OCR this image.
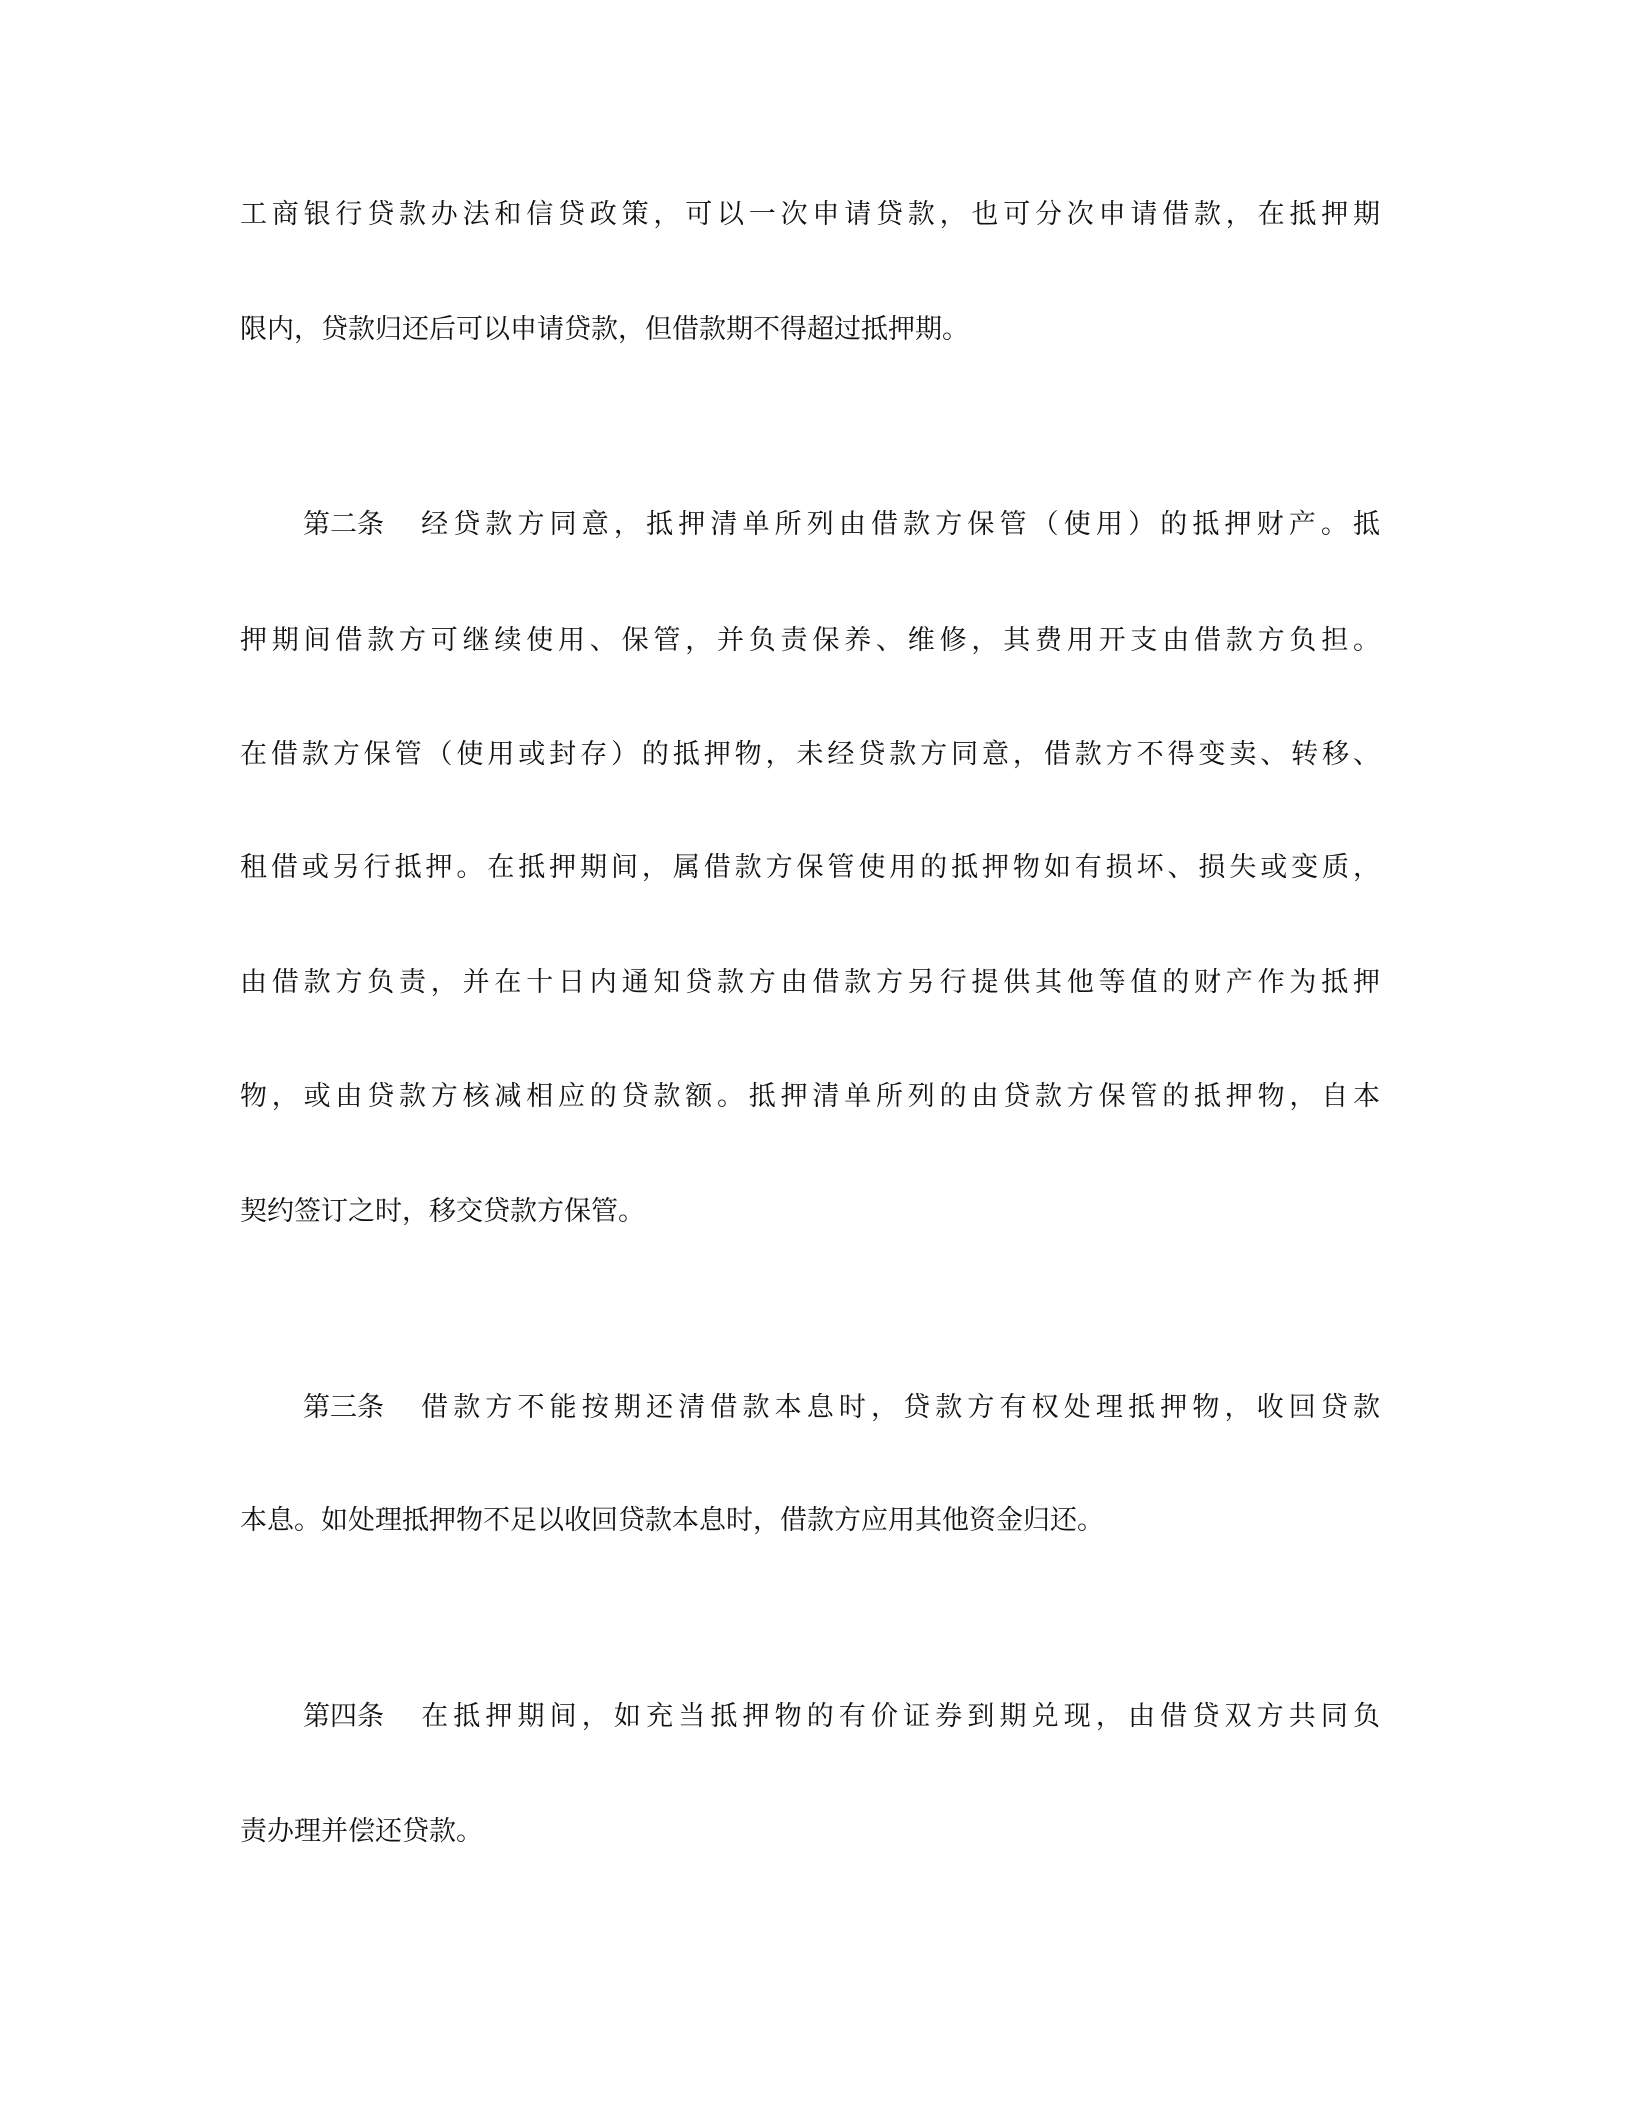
工商银行贷款办法和信贷政策，可以一次申请贷款，也可分次申请借款，在抵押期
限内，贷款归还后可以申请贷款，但借款期不得超过抵押期。
第二条 经贷款方同意，抵押清单所列由借款方保管（使用）的抵押财产。抵
押期间借款方可继续使用、保管，并负责保养、维修，其费用开支由借款方负担。
在借款方保管（使用或封存）的抵押物，未经贷款方同意，借款方不得变卖、转移、
租借或另行抵押。在抵押期间，属借款方保管使用的抵押物如有损坏、损失或变质，
由借款方负责，并在十日内通知贷款方由借款方另行提供其他等值的财产作为抵押
物，或由贷款方核减相应的贷款额。抵押清单所列的由贷款方保管的抵押物，自本
契约签订之时，移交贷款方保管。
第三条 借款方不能按期还清借款本息时，贷款方有权处理抵押物，收回贷款
本息。如处理抵押物不足以收回贷款本息时，借款方应用其他资金归还。
第四条 在抵押期间，如充当抵押物的有价证券到期兑现，由借贷双方共同负
责办理并偿还贷款。
